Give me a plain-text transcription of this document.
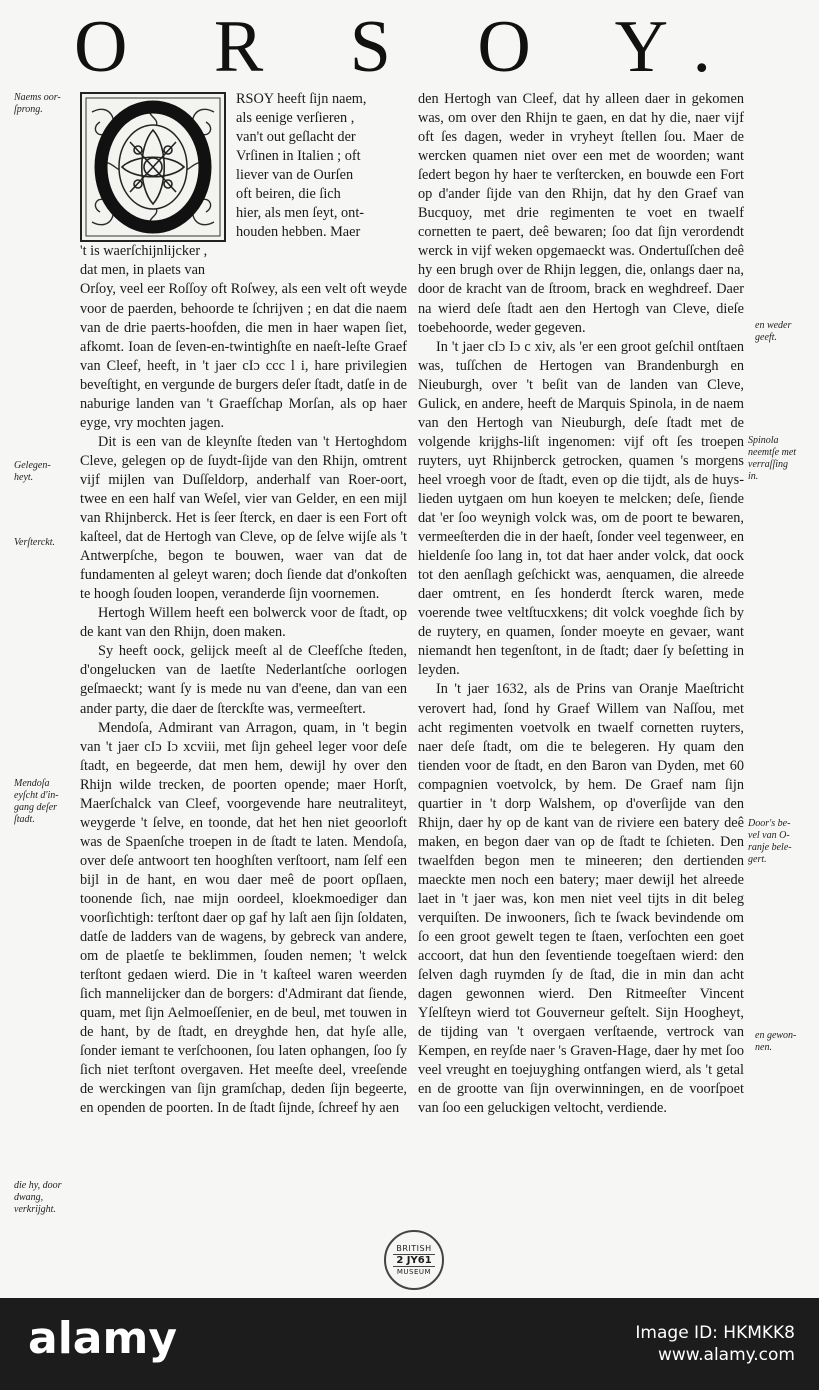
O R S O Y.
RSOY heeft ſijn naem,
als eenige verſieren ,
van't out geſlacht der
Vrſinen in Italien ; oft
liever van de Ourſen
oft beiren, die ſich
hier, als men ſeyt, ont-
houden hebben. Maer
't is waerſchijnlijcker ,
dat men, in plaets van

Orſoy, veel eer Roſſoy oft Roſwey, als een velt oft weyde voor de paerden, behoorde te ſchrijven ; en dat die naem van de drie paerts-hoofden, die men in haer wapen ſiet, afkomt. Ioan de ſeven-en-twintighſte en naeſt-leſte Graef van Cleef, heeft, in 't jaer cIɔ ccc l i, hare privilegien beveſtight, en vergunde de burgers deſer ſtadt, datſe in de naburige landen van 't Graefſchap Morſan, als op haer eyge, vry mochten jagen.

Dit is een van de kleynſte ſteden van 't Hertoghdom Cleve, gelegen op de ſuydt-ſijde van den Rhijn, omtrent vijf mijlen van Duſſeldorp, anderhalf van Roer-oort, twee en een half van Weſel, vier van Gelder, en een mijl van Rhijnberck. Het is ſeer ſterck, en daer is een Fort oft kaſteel, dat de Hertogh van Cleve, op de ſelve wijſe als 't Antwerpſche, begon te bouwen, waer van dat de fundamenten al geleyt waren; doch ſiende dat d'onkoſten te hoogh ſouden loopen, veranderde ſijn voornemen.

Hertogh Willem heeft een bolwerck voor de ſtadt, op de kant van den Rhijn, doen maken.

Sy heeft oock, gelijck meeſt al de Cleefſche ſteden, d'ongelucken van de laetſte Nederlantſche oorlogen geſmaeckt; want ſy is mede nu van d'eene, dan van een ander party, die daer de ſterckſte was, vermeeſtert.

Mendoſa, Admirant van Arragon, quam, in 't begin van 't jaer cIɔ Iɔ xcviii, met ſijn geheel leger voor deſe ſtadt, en begeerde, dat men hem, dewijl hy over den Rhijn wilde trecken, de poorten opende; maer Horſt, Maerſchalck van Cleef, voorgevende hare neutraliteyt, weygerde 't ſelve, en toonde, dat het hen niet geoorloft was de Spaenſche troepen in de ſtadt te laten. Mendoſa, over deſe antwoort ten hooghſten verſtoort, nam ſelf een bijl in de hant, en wou daer meê de poort opſlaen, toonende ſich, nae mijn oordeel, kloekmoediger dan voorſichtigh: terſtont daer op gaf hy laſt aen ſijn ſoldaten, datſe de ladders van de wagens, by gebreck van andere, om de plaetſe te beklimmen, ſouden nemen; 't welck terſtont gedaen wierd. Die in 't kaſteel waren weerden ſich mannelijcker dan de borgers: d'Admirant dat ſiende, quam, met ſijn Aelmoeſſenier, en de beul, met touwen in de hant, by de ſtadt, en dreyghde hen, dat hyſe alle, ſonder iemant te verſchoonen, ſou laten ophangen, ſoo ſy ſich niet terſtont overgaven. Het meeſte deel, vreeſende de werckingen van ſijn gramſchap, deden ſijn begeerte, en openden de poorten. In de ſtadt ſijnde, ſchreef hy aen

den Hertogh van Cleef, dat hy alleen daer in gekomen was, om over den Rhijn te gaen, en dat hy die, naer vijf oft ſes dagen, weder in vryheyt ſtellen ſou. Maer de wercken quamen niet over een met de woorden; want ſedert begon hy haer te verſtercken, en bouwde een Fort op d'ander ſijde van den Rhijn, dat hy den Graef van Bucquoy, met drie regimenten te voet en twaelf cornetten te paert, deê bewaren; ſoo dat ſijn verordendt werck in vijf weken opgemaeckt was. Ondertuſſchen deê hy een brugh over de Rhijn leggen, die, onlangs daer na, door de kracht van de ſtroom, brack en weghdreef. Daer na wierd deſe ſtadt aen den Hertogh van Cleve, dieſe toebehoorde, weder gegeven.

In 't jaer cIɔ Iɔ c xiv, als 'er een groot geſchil ontſtaen was, tuſſchen de Hertogen van Brandenburgh en Nieuburgh, over 't beſit van de landen van Cleve, Gulick, en andere, heeft de Marquis Spinola, in de naem van den Hertogh van Nieuburgh, deſe ſtadt met de volgende krijghs-liſt ingenomen: vijf oft ſes troepen ruyters, uyt Rhijnberck getrocken, quamen 's morgens heel vroegh voor de ſtadt, even op die tijdt, als de huys-lieden uytgaen om hun koeyen te melcken; deſe, ſiende dat 'er ſoo weynigh volck was, om de poort te bewaren, vermeeſterden die in der haeſt, ſonder veel tegenweer, en hieldenſe ſoo lang in, tot dat haer ander volck, dat oock tot den aenſlagh geſchickt was, aenquamen, die alreede daer omtrent, en ſes honderdt ſterck waren, mede voerende twee veltſtucxkens; dit volck voeghde ſich by de ruytery, en quamen, ſonder moeyte en gevaer, want niemandt hen tegenſtont, in de ſtadt; daer ſy beſetting in leyden.

In 't jaer 1632, als de Prins van Oranje Maeſtricht verovert had, ſond hy Graef Willem van Naſſou, met acht regimenten voetvolk en twaelf cornetten ruyters, naer deſe ſtadt, om die te belegeren. Hy quam den tienden voor de ſtadt, en den Baron van Dyden, met 60 compagnien voetvolck, by hem. De Graef nam ſijn quartier in 't dorp Walshem, op d'overſijde van den Rhijn, daer hy op de kant van de riviere een batery deê maken, en begon daer van op de ſtadt te ſchieten. Den twaelfden begon men te mineeren; den dertienden maeckte men noch een batery; maer dewijl het alreede laet in 't jaer was, kon men niet veel tijts in dit beleg verquiſten. De inwooners, ſich te ſwack bevindende om ſo een groot gewelt tegen te ſtaen, verſochten een goet accoort, dat hun den ſeventiende toegeſtaen wierd: den ſelven dagh ruymden ſy de ſtad, die in min dan acht dagen gewonnen wierd. Den Ritmeeſter Vincent Yſelſteyn wierd tot Gouverneur geſtelt. Sijn Hoogheyt, de tijding van 't overgaen verſtaende, vertrock van Kempen, en reyſde naer 's Graven-Hage, daer hy met ſoo veel vreught en toejuyghing ontfangen wierd, als 't getal en de grootte van ſijn overwinningen, en de voorſpoet van ſoo een geluckigen veltocht, verdiende.

Naems oor-
ſprong.
Gelegen-
heyt.
Verſterckt.
Mendoſa
eyſcht d'in-
gang deſer
ſtadt.
die hy, door
dwang,
verkrijght.
en weder
geeft.
Spinola
neemtſe met
verraſſing
in.
Door's be-
vel van O-
ranje bele-
gert.
en gewon-
nen.
BRITISH
2 JY61
MUSEUM
alamy	Image ID: HKMKK8
www.alamy.com
